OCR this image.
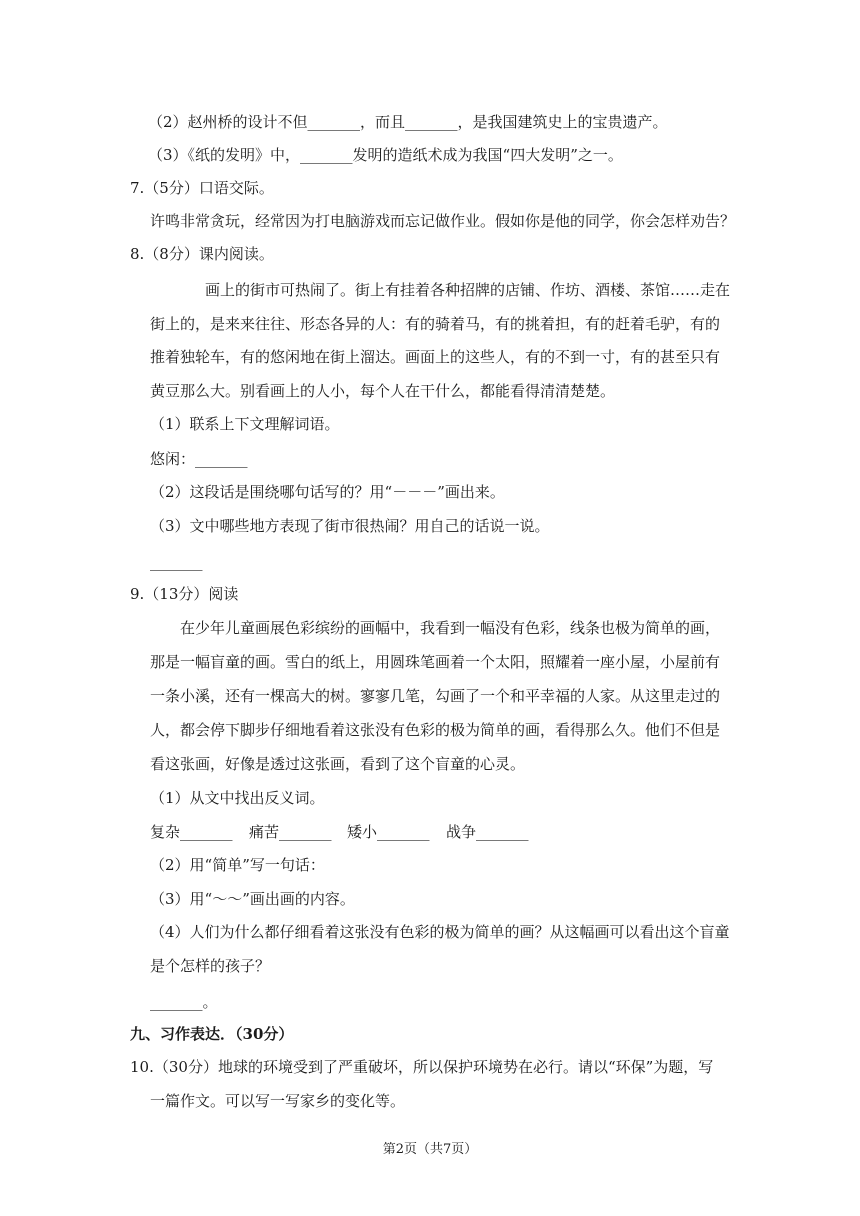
（2）赵州桥的设计不但_______，而且_______，是我国建筑史上的宝贵遗产。
（3）《纸的发明》中，_______发明的造纸术成为我国“四大发明”之一。
7.（5分）口语交际。
许鸣非常贪玩，经常因为打电脑游戏而忘记做作业。假如你是他的同学，你会怎样劝告？
8.（8分）课内阅读。
画上的街市可热闹了。街上有挂着各种招牌的店铺、作坊、酒楼、茶馆……走在
街上的，是来来往往、形态各异的人：有的骑着马，有的挑着担，有的赶着毛驴，有的
推着独轮车，有的悠闲地在街上溜达。画面上的这些人，有的不到一寸，有的甚至只有
黄豆那么大。别看画上的人小，每个人在干什么，都能看得清清楚楚。
（1）联系上下文理解词语。
悠闲：_______
（2）这段话是围绕哪句话写的？用“－－－”画出来。
（3）文中哪些地方表现了街市很热闹？用自己的话说一说。
_______
9.（13分）阅读
在少年儿童画展色彩缤纷的画幅中，我看到一幅没有色彩，线条也极为简单的画，
那是一幅盲童的画。雪白的纸上，用圆珠笔画着一个太阳，照耀着一座小屋，小屋前有
一条小溪，还有一棵高大的树。寥寥几笔，勾画了一个和平幸福的人家。从这里走过的
人，都会停下脚步仔细地看着这张没有色彩的极为简单的画，看得那么久。他们不但是
看这张画，好像是透过这张画，看到了这个盲童的心灵。
（1）从文中找出反义词。
复杂_______ 痛苦_______ 矮小_______ 战争_______
（2）用“简单”写一句话：
（3）用“～～”画出画的内容。
（4）人们为什么都仔细看着这张没有色彩的极为简单的画？从这幅画可以看出这个盲童
是个怎样的孩子？
_______。
九、习作表达．（30分）
10.（30分）地球的环境受到了严重破坏，所以保护环境势在必行。请以“环保”为题，写
一篇作文。可以写一写家乡的变化等。
第2页（共7页）
